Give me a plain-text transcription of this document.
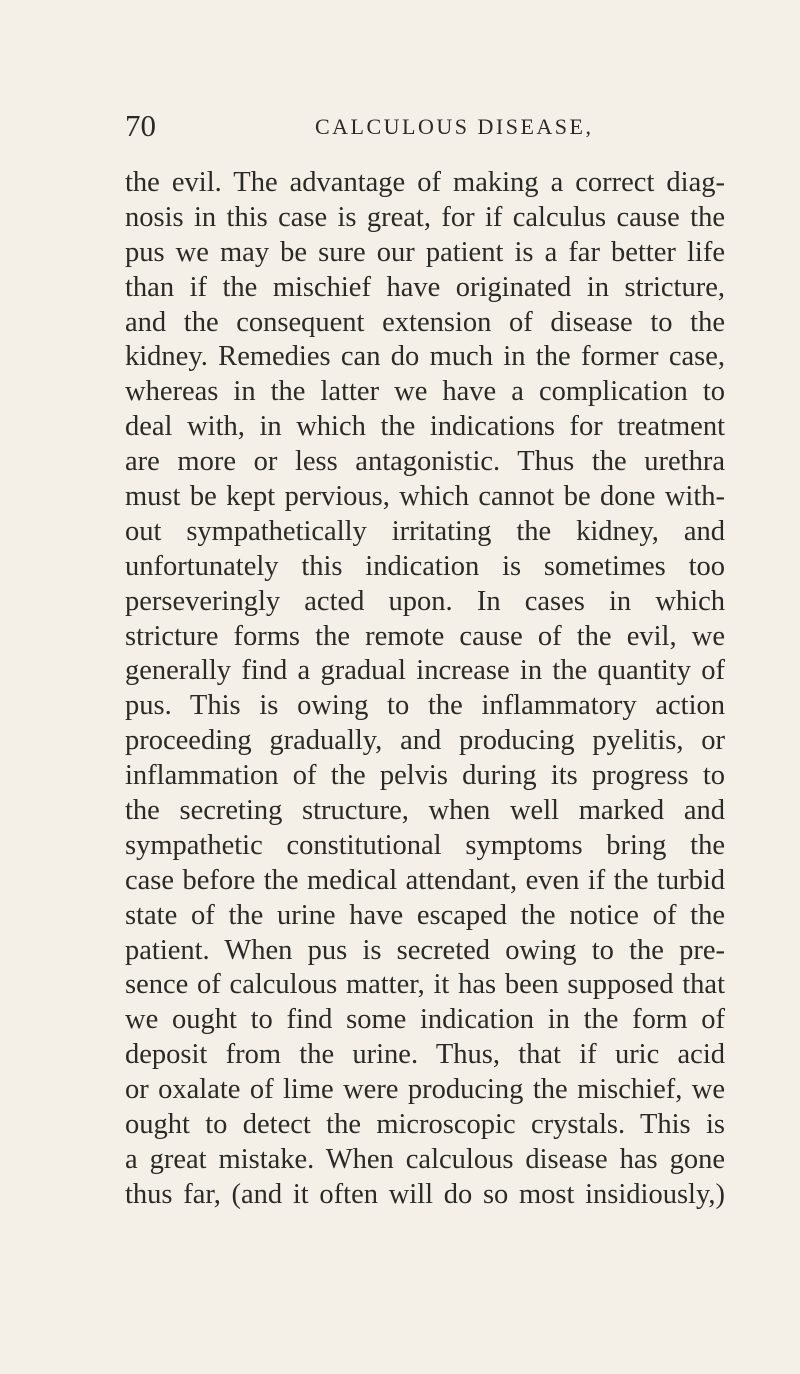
70	CALCULOUS DISEASE,
the evil. The advantage of making a correct diag-
nosis in this case is great, for if calculus cause the
pus we may be sure our patient is a far better life
than if the mischief have originated in stricture,
and the consequent extension of disease to the
kidney. Remedies can do much in the former case,
whereas in the latter we have a complication to
deal with, in which the indications for treatment
are more or less antagonistic. Thus the urethra
must be kept pervious, which cannot be done with-
out sympathetically irritating the kidney, and
unfortunately this indication is sometimes too
perseveringly acted upon. In cases in which
stricture forms the remote cause of the evil, we
generally find a gradual increase in the quantity of
pus. This is owing to the inflammatory action
proceeding gradually, and producing pyelitis, or
inflammation of the pelvis during its progress to
the secreting structure, when well marked and
sympathetic constitutional symptoms bring the
case before the medical attendant, even if the turbid
state of the urine have escaped the notice of the
patient. When pus is secreted owing to the pre-
sence of calculous matter, it has been supposed that
we ought to find some indication in the form of
deposit from the urine. Thus, that if uric acid
or oxalate of lime were producing the mischief, we
ought to detect the microscopic crystals. This is
a great mistake. When calculous disease has gone
thus far, (and it often will do so most insidiously,)
